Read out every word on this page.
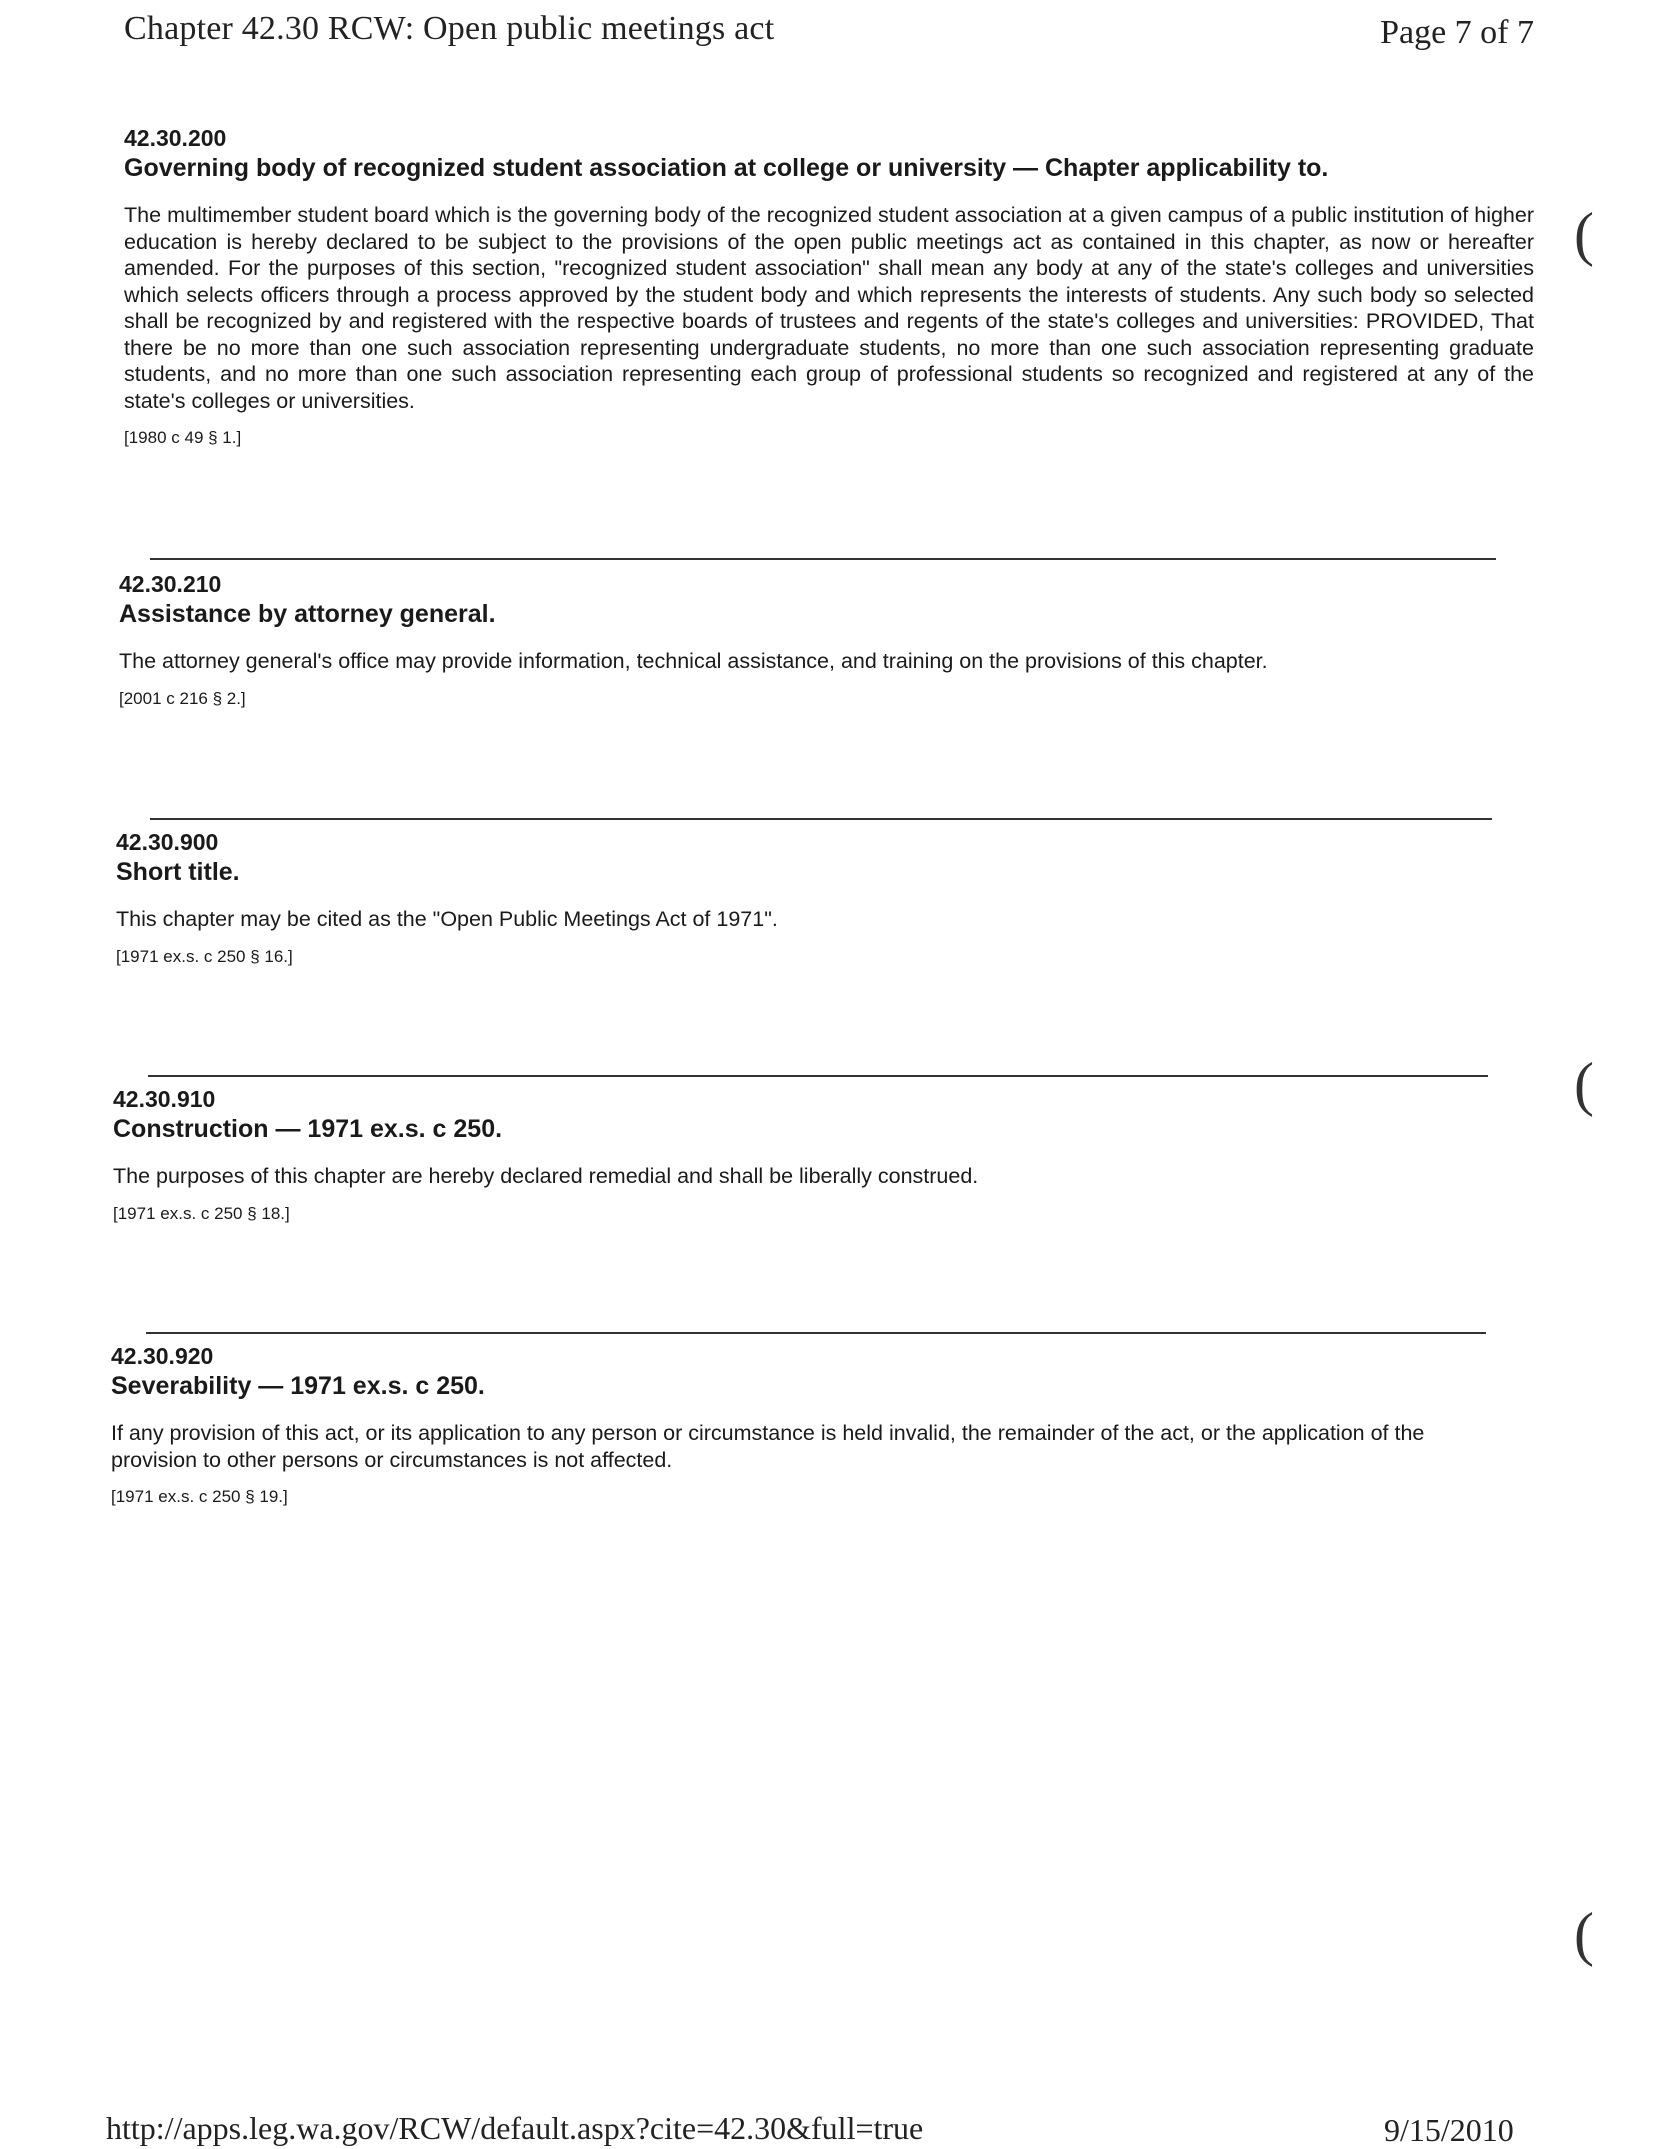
Chapter 42.30 RCW: Open public meetings act	Page 7 of 7

42.30.200

Governing body of recognized student association at college or university — Chapter applicability to.

The multimember student board which is the governing body of the recognized student association at a given campus of a public institution of higher education is hereby declared to be subject to the provisions of the open public meetings act as contained in this chapter, as now or hereafter amended. For the purposes of this section, "recognized student association" shall mean any body at any of the state's colleges and universities which selects officers through a process approved by the student body and which represents the interests of students. Any such body so selected shall be recognized by and registered with the respective boards of trustees and regents of the state's colleges and universities: PROVIDED, That there be no more than one such association representing undergraduate students, no more than one such association representing graduate students, and no more than one such association representing each group of professional students so recognized and registered at any of the state's colleges or universities.

[1980 c 49 § 1.]

42.30.210

Assistance by attorney general.

The attorney general's office may provide information, technical assistance, and training on the provisions of this chapter.

[2001 c 216 § 2.]

42.30.900

Short title.

This chapter may be cited as the "Open Public Meetings Act of 1971".

[1971 ex.s. c 250 § 16.]

42.30.910

Construction — 1971 ex.s. c 250.

The purposes of this chapter are hereby declared remedial and shall be liberally construed.

[1971 ex.s. c 250 § 18.]

42.30.920

Severability — 1971 ex.s. c 250.

If any provision of this act, or its application to any person or circumstance is held invalid, the remainder of the act, or the application of the provision to other persons or circumstances is not affected.

[1971 ex.s. c 250 § 19.]

(
(
(
http://apps.leg.wa.gov/RCW/default.aspx?cite=42.30&full=true	9/15/2010
